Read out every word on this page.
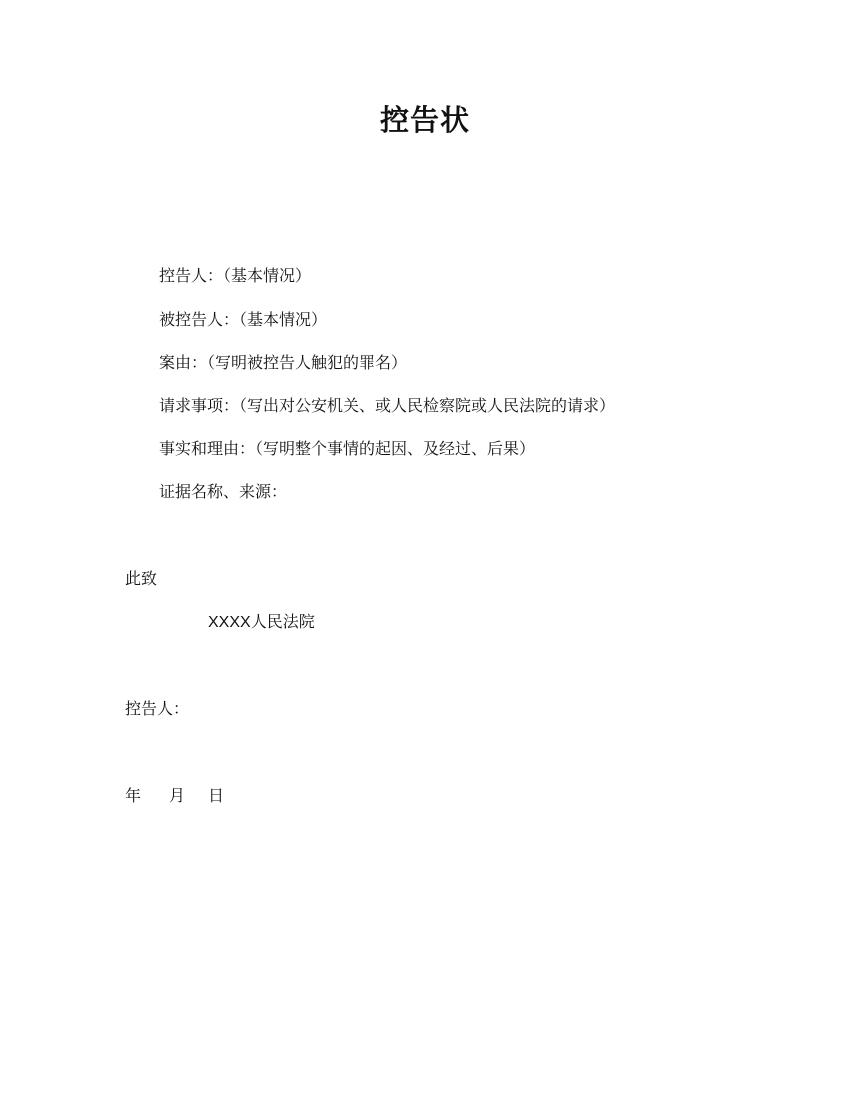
控告状
控告人：（基本情况）
被控告人：（基本情况）
案由：（写明被控告人触犯的罪名）
请求事项：（写出对公安机关、或人民检察院或人民法院的请求）
事实和理由：（写明整个事情的起因、及经过、后果）
证据名称、来源：
此致
XXXX人民法院
控告人：
年 月 日
